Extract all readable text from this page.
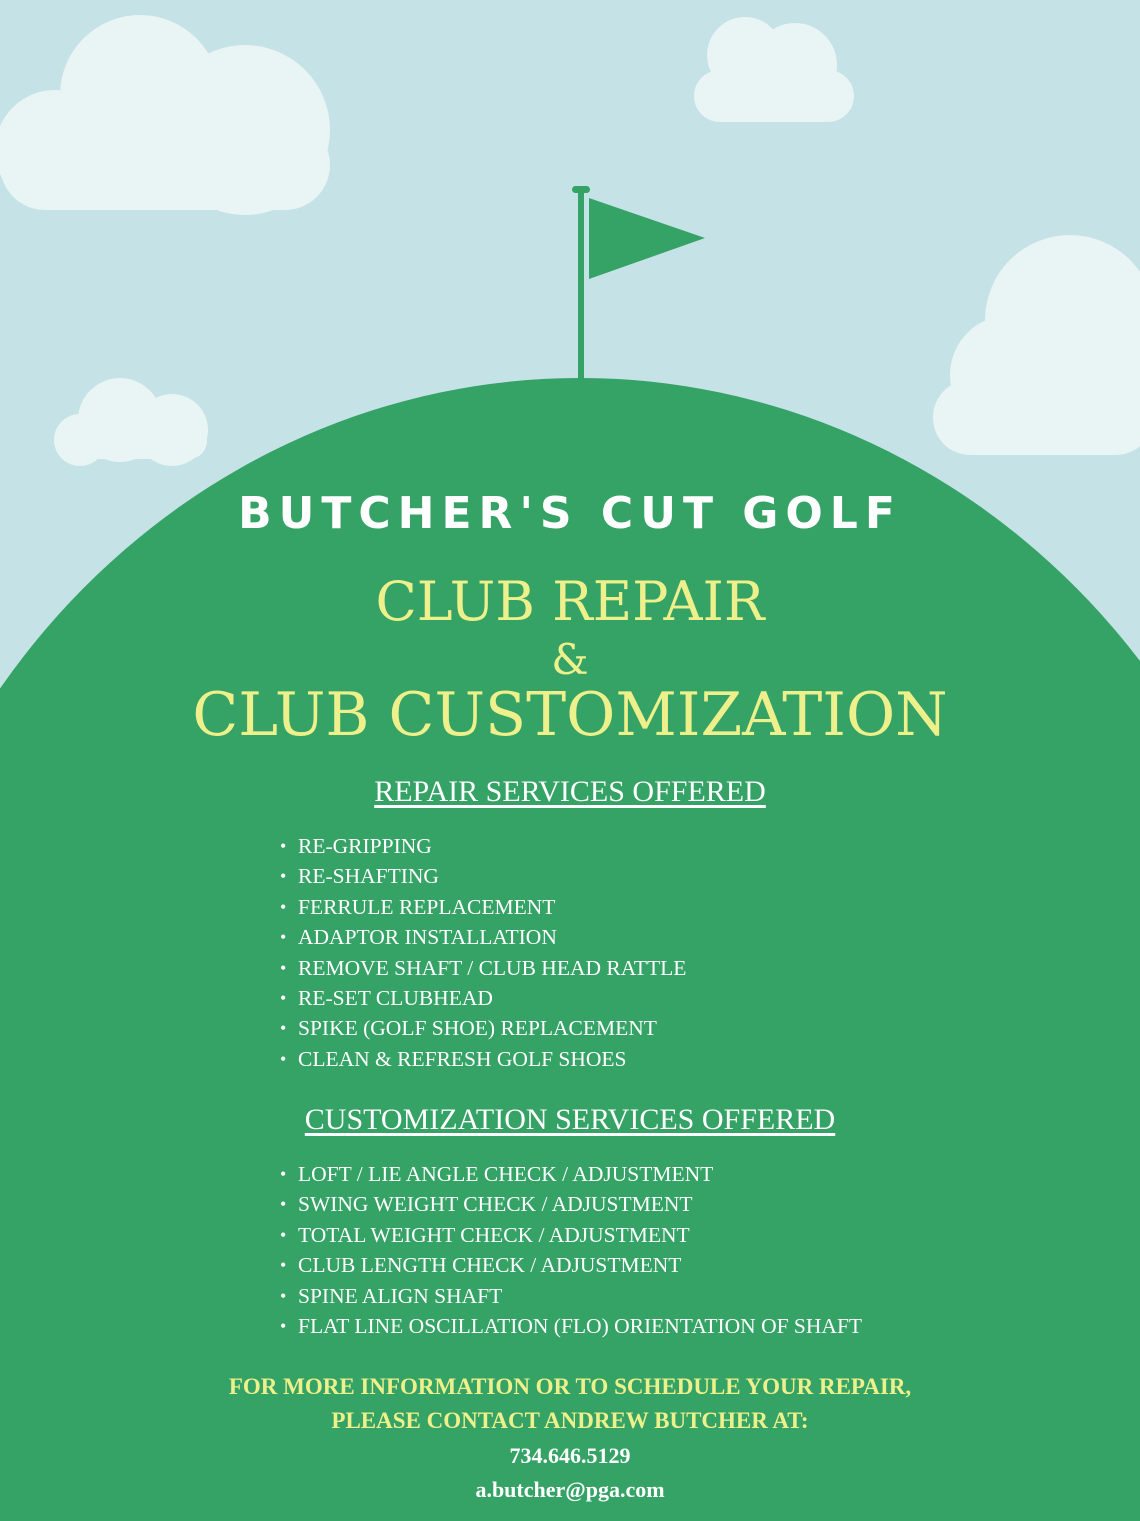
BUTCHER'S CUT GOLF
CLUB REPAIR
&
CLUB CUSTOMIZATION
REPAIR SERVICES OFFERED
• RE-GRIPPING
• RE-SHAFTING
• FERRULE REPLACEMENT
• ADAPTOR INSTALLATION
• REMOVE SHAFT / CLUB HEAD RATTLE
• RE-SET CLUBHEAD
• SPIKE (GOLF SHOE) REPLACEMENT
• CLEAN & REFRESH GOLF SHOES
CUSTOMIZATION SERVICES OFFERED
• LOFT / LIE ANGLE CHECK / ADJUSTMENT
• SWING WEIGHT CHECK / ADJUSTMENT
• TOTAL WEIGHT CHECK / ADJUSTMENT
• CLUB LENGTH CHECK / ADJUSTMENT
• SPINE ALIGN SHAFT
• FLAT LINE OSCILLATION (FLO) ORIENTATION OF SHAFT
FOR MORE INFORMATION OR TO SCHEDULE YOUR REPAIR,
PLEASE CONTACT ANDREW BUTCHER AT:
734.646.5129
a.butcher@pga.com
